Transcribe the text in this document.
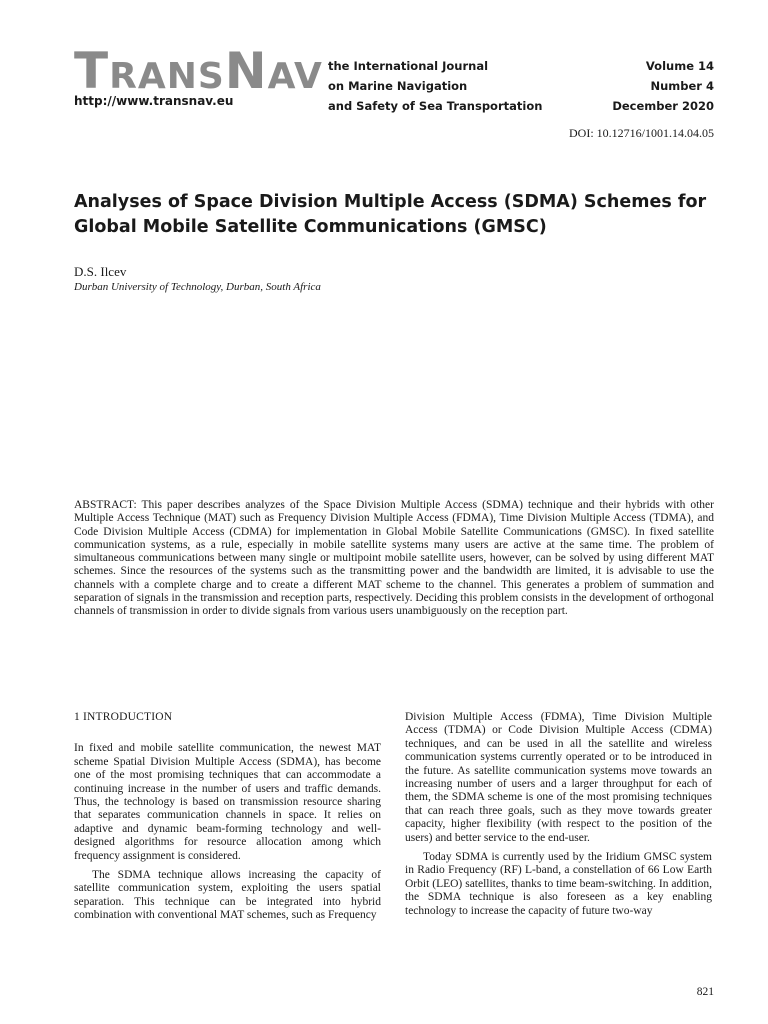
TRANSNAV
http://www.transnav.eu
the International Journal
on Marine Navigation
and Safety of Sea Transportation
Volume 14
Number 4
December 2020
DOI: 10.12716/1001.14.04.05
Analyses of Space Division Multiple Access (SDMA) Schemes for Global Mobile Satellite Communications (GMSC)
D.S. Ilcev
Durban University of Technology, Durban, South Africa

ABSTRACT: This paper describes analyzes of the Space Division Multiple Access (SDMA) technique and their hybrids with other Multiple Access Technique (MAT) such as Frequency Division Multiple Access (FDMA), Time Division Multiple Access (TDMA), and Code Division Multiple Access (CDMA) for implementation in Global Mobile Satellite Communications (GMSC). In fixed satellite communication systems, as a rule, especially in mobile satellite systems many users are active at the same time. The problem of simultaneous communications between many single or multipoint mobile satellite users, however, can be solved by using different MAT schemes. Since the resources of the systems such as the transmitting power and the bandwidth are limited, it is advisable to use the channels with a complete charge and to create a different MAT scheme to the channel. This generates a problem of summation and separation of signals in the transmission and reception parts, respectively. Deciding this problem consists in the development of orthogonal channels of transmission in order to divide signals from various users unambiguously on the reception part.

1 INTRODUCTION

In fixed and mobile satellite communication, the newest MAT scheme Spatial Division Multiple Access (SDMA), has become one of the most promising techniques that can accommodate a continuing increase in the number of users and traffic demands. Thus, the technology is based on transmission resource sharing that separates communication channels in space. It relies on adaptive and dynamic beam-forming technology and well-designed algorithms for resource allocation among which frequency assignment is considered.

The SDMA technique allows increasing the capacity of satellite communication system, exploiting the users spatial separation. This technique can be integrated into hybrid combination with conventional MAT schemes, such as Frequency

Division Multiple Access (FDMA), Time Division Multiple Access (TDMA) or Code Division Multiple Access (CDMA) techniques, and can be used in all the satellite and wireless communication systems currently operated or to be introduced in the future. As satellite communication systems move towards an increasing number of users and a larger throughput for each of them, the SDMA scheme is one of the most promising techniques that can reach three goals, such as they move towards greater capacity, higher flexibility (with respect to the position of the users) and better service to the end-user.

Today SDMA is currently used by the Iridium GMSC system in Radio Frequency (RF) L-band, a constellation of 66 Low Earth Orbit (LEO) satellites, thanks to time beam-switching. In addition, the SDMA technique is also foreseen as a key enabling technology to increase the capacity of future two-way

821
